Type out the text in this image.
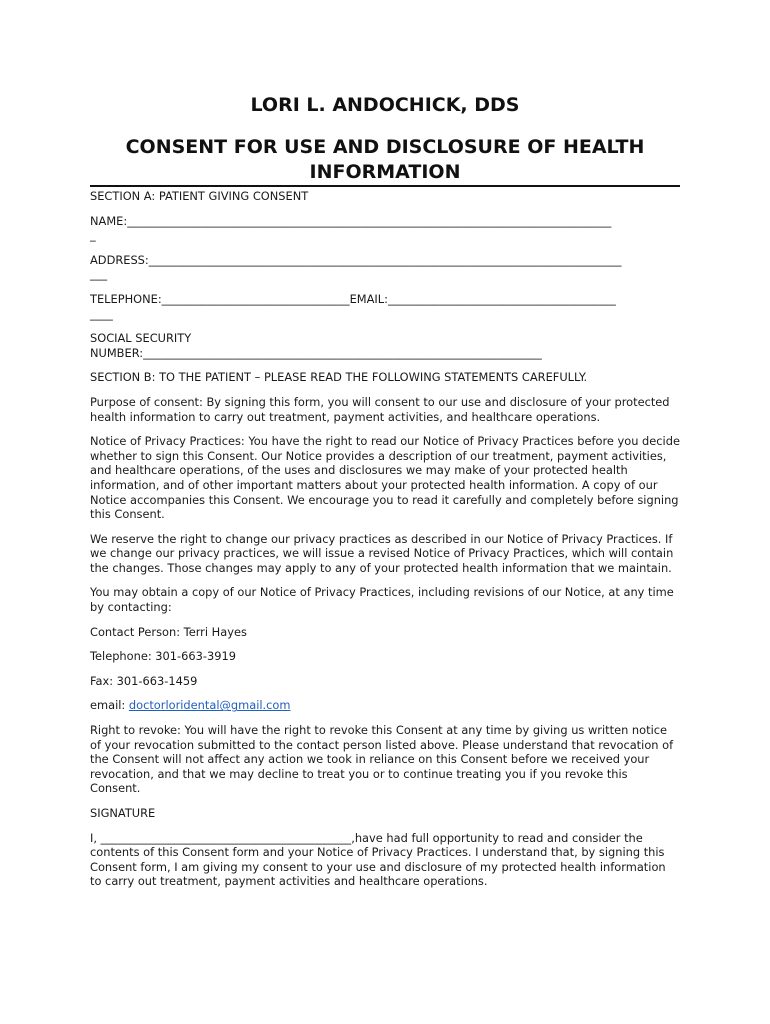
LORI L. ANDOCHICK, DDS
CONSENT FOR USE AND DISCLOSURE OF HEALTH
INFORMATION

SECTION A: PATIENT GIVING CONSENT

NAME:_____________________________________________________________________________________
_

ADDRESS:___________________________________________________________________________________
___

TELEPHONE:_________________________________EMAIL:________________________________________
____

SOCIAL SECURITY
NUMBER:______________________________________________________________________

SECTION B: TO THE PATIENT – PLEASE READ THE FOLLOWING STATEMENTS CAREFULLY.

Purpose of consent: By signing this form, you will consent to our use and disclosure of your protected health information to carry out treatment, payment activities, and healthcare operations.

Notice of Privacy Practices: You have the right to read our Notice of Privacy Practices before you decide whether to sign this Consent. Our Notice provides a description of our treatment, payment activities, and healthcare operations, of the uses and disclosures we may make of your protected health information, and of other important matters about your protected health information. A copy of our Notice accompanies this Consent. We encourage you to read it carefully and completely before signing this Consent.

We reserve the right to change our privacy practices as described in our Notice of Privacy Practices. If we change our privacy practices, we will issue a revised Notice of Privacy Practices, which will contain the changes. Those changes may apply to any of your protected health information that we maintain.

You may obtain a copy of our Notice of Privacy Practices, including revisions of our Notice, at any time by contacting:

Contact Person: Terri Hayes

Telephone: 301-663-3919

Fax: 301-663-1459

email: doctorloridental@gmail.com

Right to revoke: You will have the right to revoke this Consent at any time by giving us written notice of your revocation submitted to the contact person listed above. Please understand that revocation of the Consent will not affect any action we took in reliance on this Consent before we received your revocation, and that we may decline to treat you or to continue treating you if you revoke this Consent.

SIGNATURE

I, ____________________________________________,have had full opportunity to read and consider the contents of this Consent form and your Notice of Privacy Practices. I understand that, by signing this Consent form, I am giving my consent to your use and disclosure of my protected health information to carry out treatment, payment activities and healthcare operations.
